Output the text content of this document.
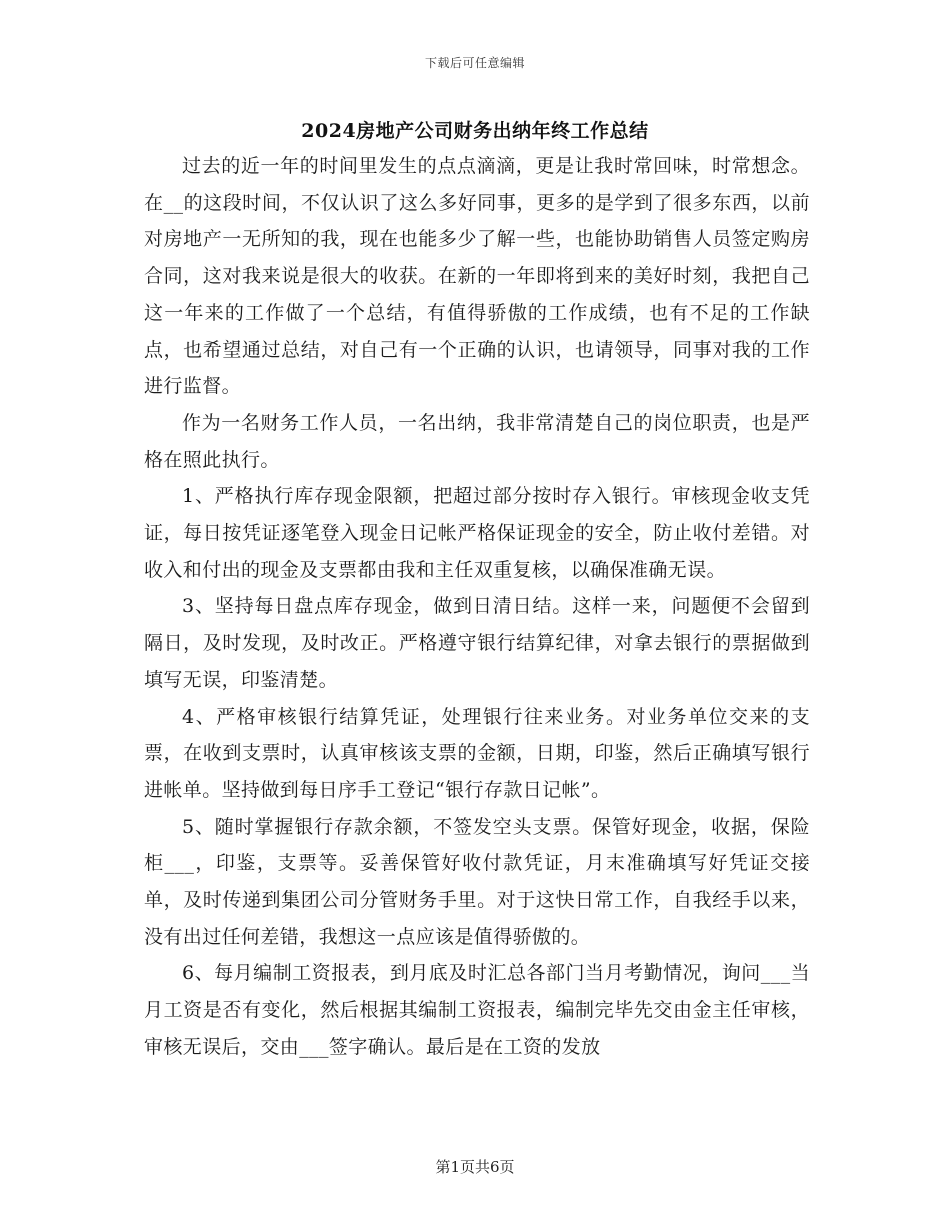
下载后可任意编辑
2024房地产公司财务出纳年终工作总结

过去的近一年的时间里发生的点点滴滴，更是让我时常回味，时常想念。在__的这段时间，不仅认识了这么多好同事，更多的是学到了很多东西，以前对房地产一无所知的我，现在也能多少了解一些，也能协助销售人员签定购房合同，这对我来说是很大的收获。在新的一年即将到来的美好时刻，我把自己这一年来的工作做了一个总结，有值得骄傲的工作成绩，也有不足的工作缺点，也希望通过总结，对自己有一个正确的认识，也请领导，同事对我的工作进行监督。

作为一名财务工作人员，一名出纳，我非常清楚自己的岗位职责，也是严格在照此执行。

1、严格执行库存现金限额，把超过部分按时存入银行。审核现金收支凭证，每日按凭证逐笔登入现金日记帐严格保证现金的安全，防止收付差错。对收入和付出的现金及支票都由我和主任双重复核，以确保准确无误。

3、坚持每日盘点库存现金，做到日清日结。这样一来，问题便不会留到隔日，及时发现，及时改正。严格遵守银行结算纪律，对拿去银行的票据做到填写无误，印鉴清楚。

4、严格审核银行结算凭证，处理银行往来业务。对业务单位交来的支票，在收到支票时，认真审核该支票的金额，日期，印鉴，然后正确填写银行进帐单。坚持做到每日序手工登记“银行存款日记帐”。

5、随时掌握银行存款余额，不签发空头支票。保管好现金，收据，保险柜___，印鉴，支票等。妥善保管好收付款凭证，月末准确填写好凭证交接单，及时传递到集团公司分管财务手里。对于这快日常工作，自我经手以来，没有出过任何差错，我想这一点应该是值得骄傲的。

6、每月编制工资报表，到月底及时汇总各部门当月考勤情况，询问___当月工资是否有变化，然后根据其编制工资报表，编制完毕先交由金主任审核，审核无误后，交由___签字确认。最后是在工资的发放

第1页共6页
